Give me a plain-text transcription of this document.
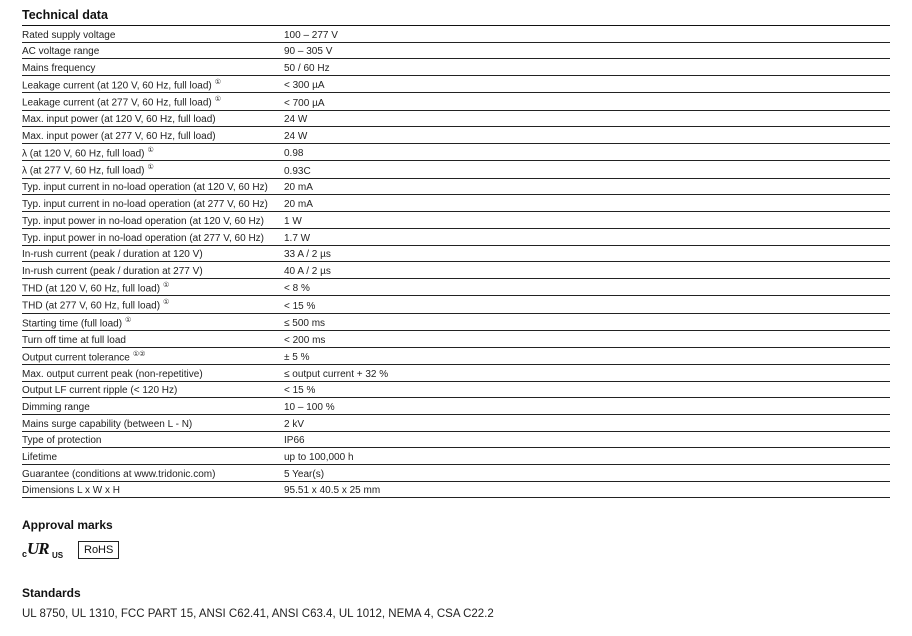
Technical data
Rated supply voltage	100 – 277 V
AC voltage range	90 – 305 V
Mains frequency	50 / 60 Hz
Leakage current (at 120 V, 60 Hz, full load) ①	< 300 µA
Leakage current (at 277 V, 60 Hz, full load) ①	< 700 µA
Max. input power (at 120 V, 60 Hz, full load)	24 W
Max. input power (at 277 V, 60 Hz, full load)	24 W
λ (at 120 V, 60 Hz, full load) ①	0.98
λ (at 277 V, 60 Hz, full load) ①	0.93C
Typ. input current in no-load operation (at 120 V, 60 Hz)	20 mA
Typ. input current in no-load operation (at 277 V, 60 Hz)	20 mA
Typ. input power in no-load operation (at 120 V, 60 Hz)	1 W
Typ. input power in no-load operation (at 277 V, 60 Hz)	1.7 W
In-rush current (peak / duration at 120 V)	33 A / 2 µs
In-rush current (peak / duration at 277 V)	40 A / 2 µs
THD (at 120 V, 60 Hz, full load) ①	< 8 %
THD (at 277 V, 60 Hz, full load) ①	< 15 %
Starting time (full load) ①	≤ 500 ms
Turn off time at full load	< 200 ms
Output current tolerance ①②	± 5 %
Max. output current peak (non-repetitive)	≤ output current + 32 %
Output LF current ripple (< 120 Hz)	< 15 %
Dimming range	10 – 100 %
Mains surge capability (between L - N)	2 kV
Type of protection	IP66
Lifetime	up to 100,000 h
Guarantee (conditions at www.tridonic.com)	5 Year(s)
Dimensions L x W x H	95.51 x 40.5 x 25 mm
Approval marks
c UR US	RoHS
Standards
UL 8750, UL 1310, FCC PART 15, ANSI C62.41, ANSI C63.4, UL 1012, NEMA 4, CSA C22.2
